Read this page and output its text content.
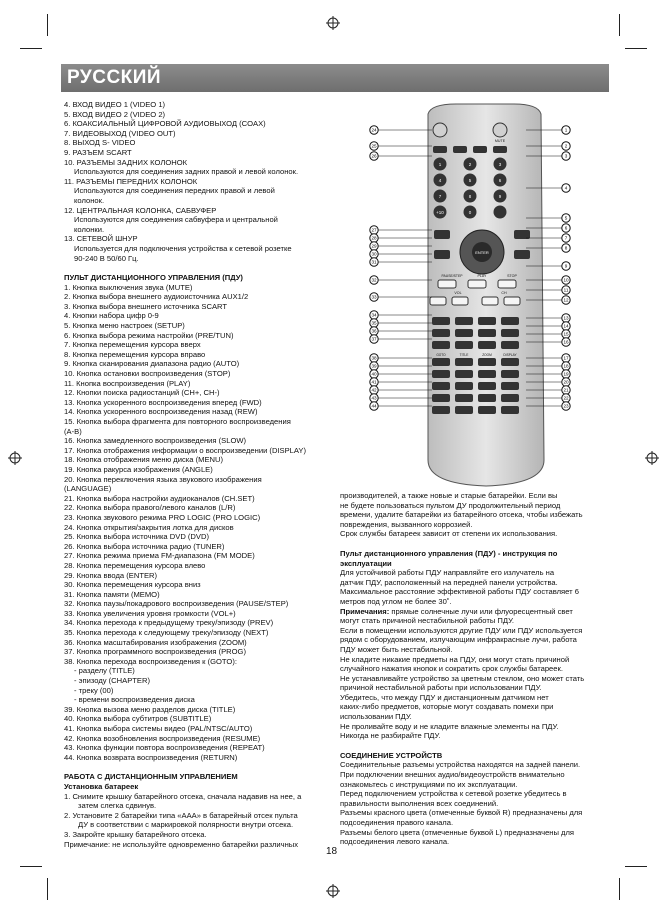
РУССКИЙ
4. ВХОД ВИДЕО 1 (VIDEO 1)
5. ВХОД ВИДЕО 2 (VIDEO 2)
6. КОАКСИАЛЬНЫЙ ЦИФРОВОЙ АУДИОВЫХОД (COAX)
7. ВИДЕОВЫХОД (VIDEO OUT)
8. ВЫХОД S- VIDEO
9. РАЗЪЕМ SCART
10. РАЗЪЕМЫ ЗАДНИХ КОЛОНОК
Используются для соединения задних правой и левой колонок.
11. РАЗЪЕМЫ ПЕРЕДНИХ КОЛОНОК
Используются для соединения передних правой и левой
колонок.
12. ЦЕНТРАЛЬНАЯ КОЛОНКА, САБВУФЕР
Используются для соединения сабвуфера и центральной
колонки.
13. СЕТЕВОЙ ШНУР
Используется для подключения устройства к сетевой розетке
90-240 В 50/60 Гц.
ПУЛЬТ ДИСТАНЦИОННОГО УПРАВЛЕНИЯ (ПДУ)
1. Кнопка выключения звука (MUTE)
2. Кнопка выбора внешнего аудиоисточника AUX1/2
3. Кнопка выбора внешнего источника SCART
4. Кнопки набора цифр 0-9
5. Кнопка меню настроек (SETUP)
6. Кнопка выбора режима настройки (PRE/TUN)
7. Кнопка перемещения курсора вверх
8. Кнопка перемещения курсора вправо
9. Кнопка сканирования диапазона радио (AUTO)
10. Кнопка остановки воспроизведения (STOP)
11. Кнопка воспроизведения (PLAY)
12. Кнопки поиска радиостанций (CH+, CH-)
13. Кнопка ускоренного воспроизведения вперед (FWD)
14. Кнопка ускоренного воспроизведения назад (REW)
15. Кнопка выбора фрагмента для повторного воспроизведения
(A-B)
16. Кнопка замедленного воспроизведения (SLOW)
17. Кнопка отображения информации о воспроизведении (DISPLAY)
18. Кнопка отображения меню диска (MENU)
19. Кнопка ракурса изображения (ANGLE)
20. Кнопка переключения языка звукового изображения
(LANGUAGE)
21. Кнопка выбора настройки аудиоканалов (CH.SET)
22. Кнопка выбора правого/левого каналов (L/R)
23. Кнопка звукового режима PRO LOGIC (PRO LOGIC)
24. Кнопка открытия/закрытия лотка для дисков
25. Кнопка выбора источника DVD (DVD)
26. Кнопка выбора источника радио (TUNER)
27. Кнопка режима приема FM-диапазона (FM MODE)
28. Кнопка перемещения курсора влево
29. Кнопка ввода (ENTER)
30. Кнопка перемещения курсора вниз
31. Кнопка памяти (MEMO)
32. Кнопка паузы/покадрового воспроизведения (PAUSE/STEP)
33. Кнопка увеличения уровня громкости (VOL+)
34. Кнопка перехода к предыдущему треку/эпизоду (PREV)
35. Кнопка перехода к следующему треку/эпизоду (NEXT)
36. Кнопка масштабирования изображения (ZOOM)
37. Кнопка программного воспроизведения (PROG)
38. Кнопка перехода воспроизведения к (GOTO):
- разделу (TITLE)
- эпизоду (CHAPTER)
- треку (00)
- времени воспроизведения диска
39. Кнопка вызова меню разделов диска (TITLE)
40. Кнопка выбора субтитров (SUBTITLE)
41. Кнопка выбора системы видео (PAL/NTSC/AUTO)
42. Кнопка возобновления воспроизведения (RESUME)
43. Кнопка функции повтора воспроизведения (REPEAT)
44. Кнопка возврата воспроизведения (RETURN)
РАБОТА С ДИСТАНЦИОННЫМ УПРАВЛЕНИЕМ
Установка батареек
1. Снимите крышку батарейного отсека, сначала надавив на нее, а
затем слегка сдвинув.
2. Установите 2 батарейки типа «ААА» в батарейный отсек пульта
ДУ в соответствии с маркировкой полярности внутри отсека.
3. Закройте крышку батарейного отсека.
Примечание: не используйте одновременно батарейки различных
производителей, а также новые и старые батарейки. Если вы
не будете пользоваться пультом ДУ продолжительный период
времени, удалите батарейки из батарейного отсека, чтобы избежать
повреждения, вызванного коррозией.
Срок службы батареек зависит от степени их использования.
Пульт дистанционного управления (ПДУ) - инструкция по
эксплуатации
Для устойчивой работы ПДУ направляйте его излучатель на
датчик ПДУ, расположенный на передней панели устройства.
Максимальное расстояние эффективной работы ПДУ составляет 6
метров под углом не более 30˚.
Примечания: прямые солнечные лучи или флуоресцентный свет
могут стать причиной нестабильной работы ПДУ.
Если в помещении используются другие ПДУ или ПДУ используется
рядом с оборудованием, излучающим инфракрасные лучи, работа
ПДУ может быть нестабильной.
Не кладите никакие предметы на ПДУ, они могут стать причиной
случайного нажатия кнопок и сократить срок службы батареек.
Не устанавливайте устройство за цветным стеклом, оно может стать
причиной нестабильной работы при использовании ПДУ.
Убедитесь, что между ПДУ и дистанционным датчиком нет
каких-либо предметов, которые могут создавать помехи при
использовании ПДУ.
Не проливайте воду и не кладите влажные элементы на ПДУ.
Никогда не разбирайте ПДУ.
СОЕДИНЕНИЕ УСТРОЙСТВ
Соединительные разъемы устройства находятся на задней панели.
При подключении внешних аудио/видеоустройств внимательно
ознакомьтесь с инструкциями по их эксплуатации.
Перед подключением устройства к сетевой розетке убедитесь в
правильности выполнения всех соединений.
Разъемы красного цвета (отмеченные буквой R) предназначены для
подсоединения правого канала.
Разъемы белого цвета (отмеченные буквой L) предназначены для
подсоединения левого канала.
MUTE
1	2	3
4	5	6
7	8	9
+10	0
ENTER
PAUSE/STEP	PLAY	STOP
VOL	CH
GOTO	TITLE	ZOOM	DISPLAY
24
25
26
27
28
29
30
31
32
33
34
35
36
37
38
39
40
41
42
43
44
1
2
3
4
5
6
7
8
9
10
11
12
13
14
15
16
17
18
19
20
21
22
23
18
